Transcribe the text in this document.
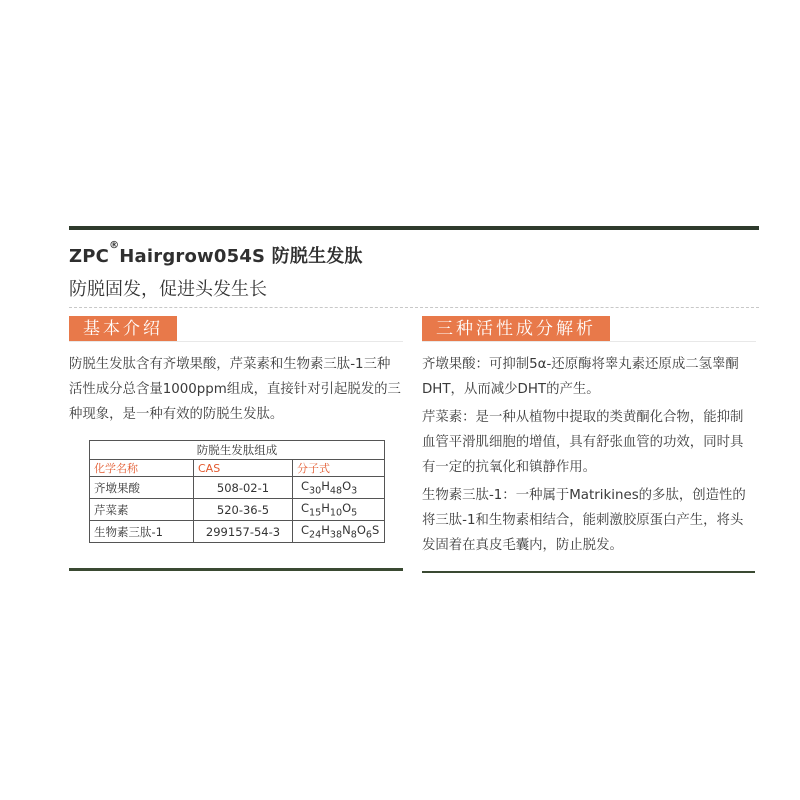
ZPC®Hairgrow054S 防脱生发肽
防脱固发，促进头发生长
基本介绍
防脱生发肽含有齐墩果酸，芹菜素和生物素三肽-1三种活性成分总含量1000ppm组成，直接针对引起脱发的三种现象，是一种有效的防脱生发肽。
防脱生发肽组成
化学名称	CAS	分子式
齐墩果酸	508-02-1	$C_{30}H_{48}O_3$
芹菜素	520-36-5	$C_{15}H_{10}O_5$
生物素三肽-1	299157-54-3	$C_{24}H_{38}N_8O_6S$
三种活性成分解析

齐墩果酸：可抑制5α-还原酶将睾丸素还原成二氢睾酮DHT，从而减少DHT的产生。

芹菜素：是一种从植物中提取的类黄酮化合物，能抑制血管平滑肌细胞的增值，具有舒张血管的功效，同时具有一定的抗氧化和镇静作用。

生物素三肽-1：一种属于Matrikines的多肽，创造性的将三肽-1和生物素相结合，能刺激胶原蛋白产生，将头发固着在真皮毛囊内，防止脱发。
